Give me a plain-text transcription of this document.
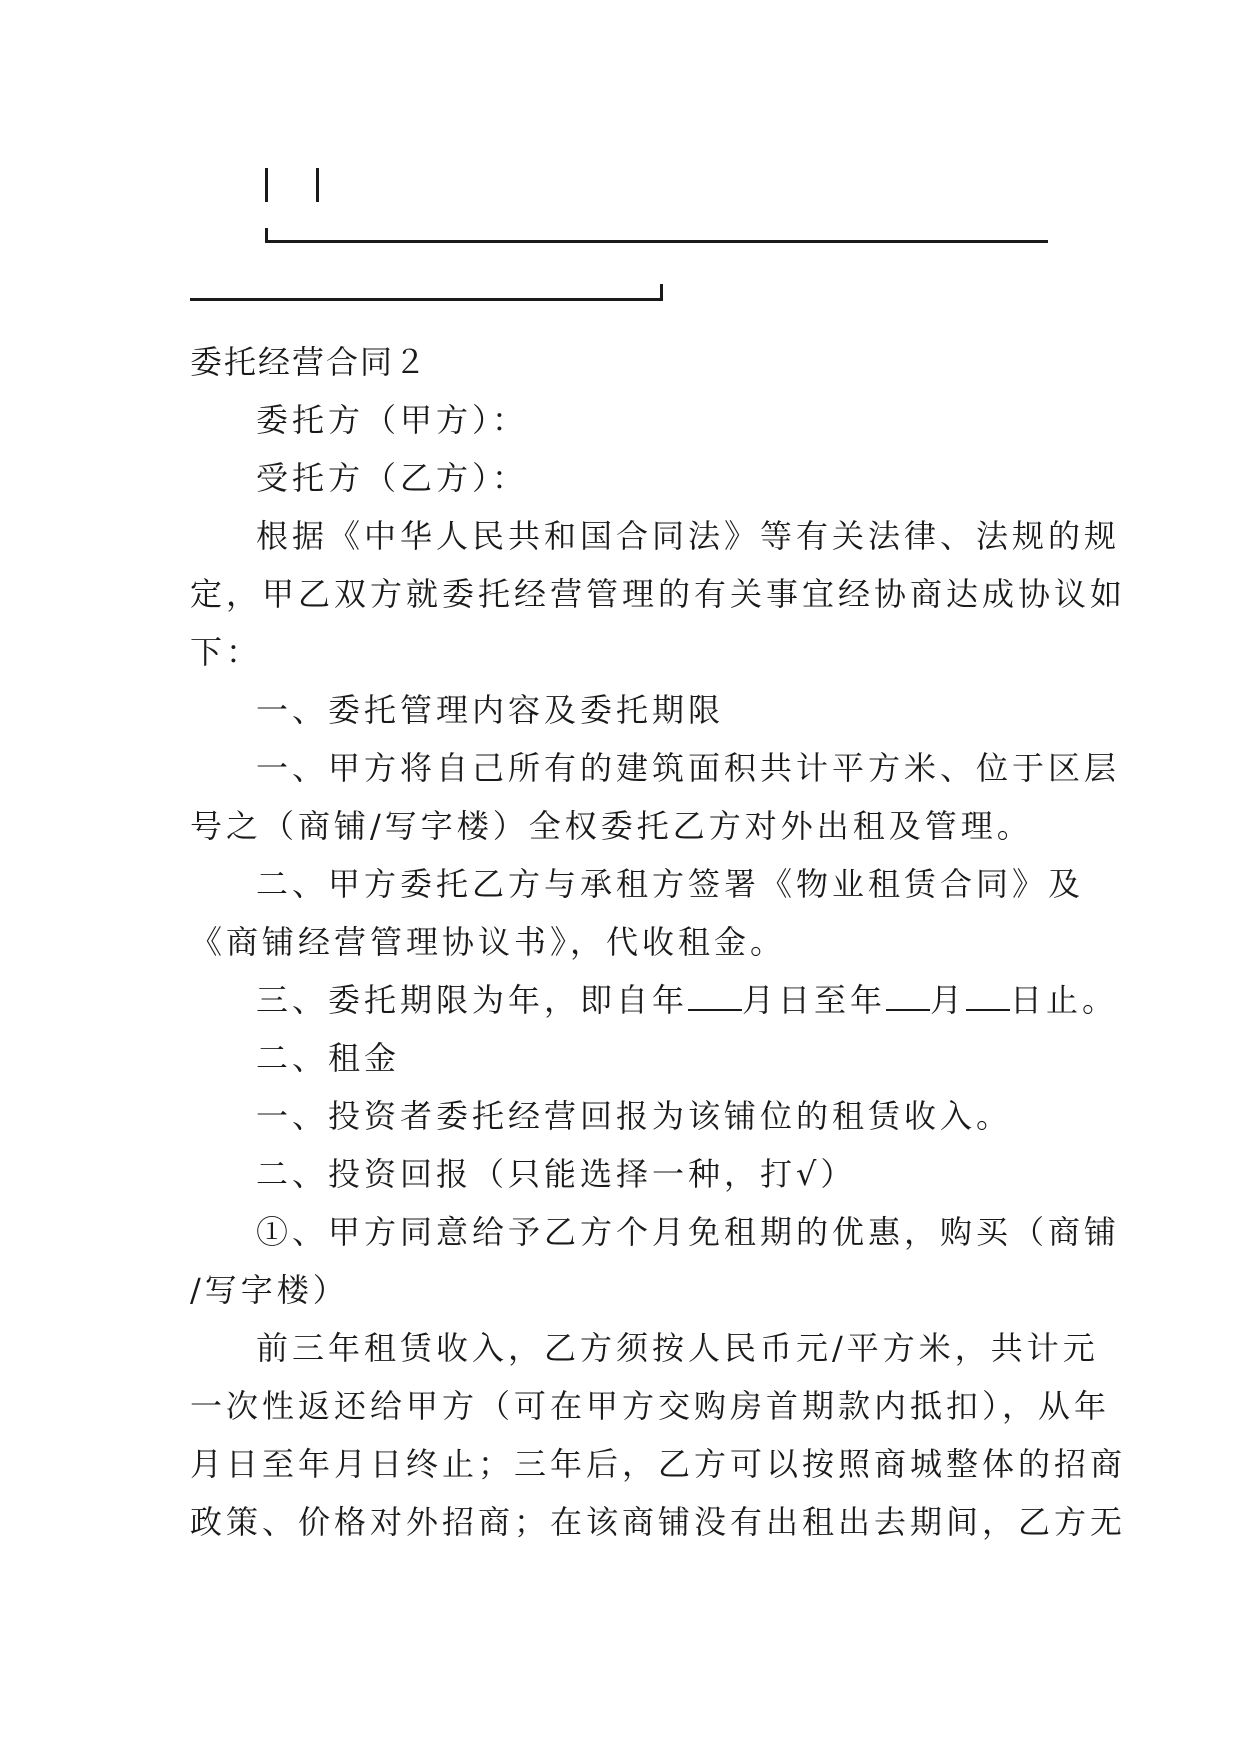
委托经营合同２
委托方（甲方）：
受托方（乙方）：
根据《中华人民共和国合同法》等有关法律、法规的规
定，甲乙双方就委托经营管理的有关事宜经协商达成协议如
下：
一、委托管理内容及委托期限
一、甲方将自己所有的建筑面积共计平方米、位于区层
号之（商铺/写字楼）全权委托乙方对外出租及管理。
二、甲方委托乙方与承租方签署《物业租赁合同》及
《商铺经营管理协议书》，代收租金。
三、委托期限为年，即自年 月日至年 月 日止。
二、租金
一、投资者委托经营回报为该铺位的租赁收入。
二、投资回报（只能选择一种，打√）
①、甲方同意给予乙方个月免租期的优惠，购买（商铺
/写字楼）
前三年租赁收入，乙方须按人民币元/平方米，共计元
一次性返还给甲方（可在甲方交购房首期款内抵扣），从年
月日至年月日终止；三年后，乙方可以按照商城整体的招商
政策、价格对外招商；在该商铺没有出租出去期间，乙方无
